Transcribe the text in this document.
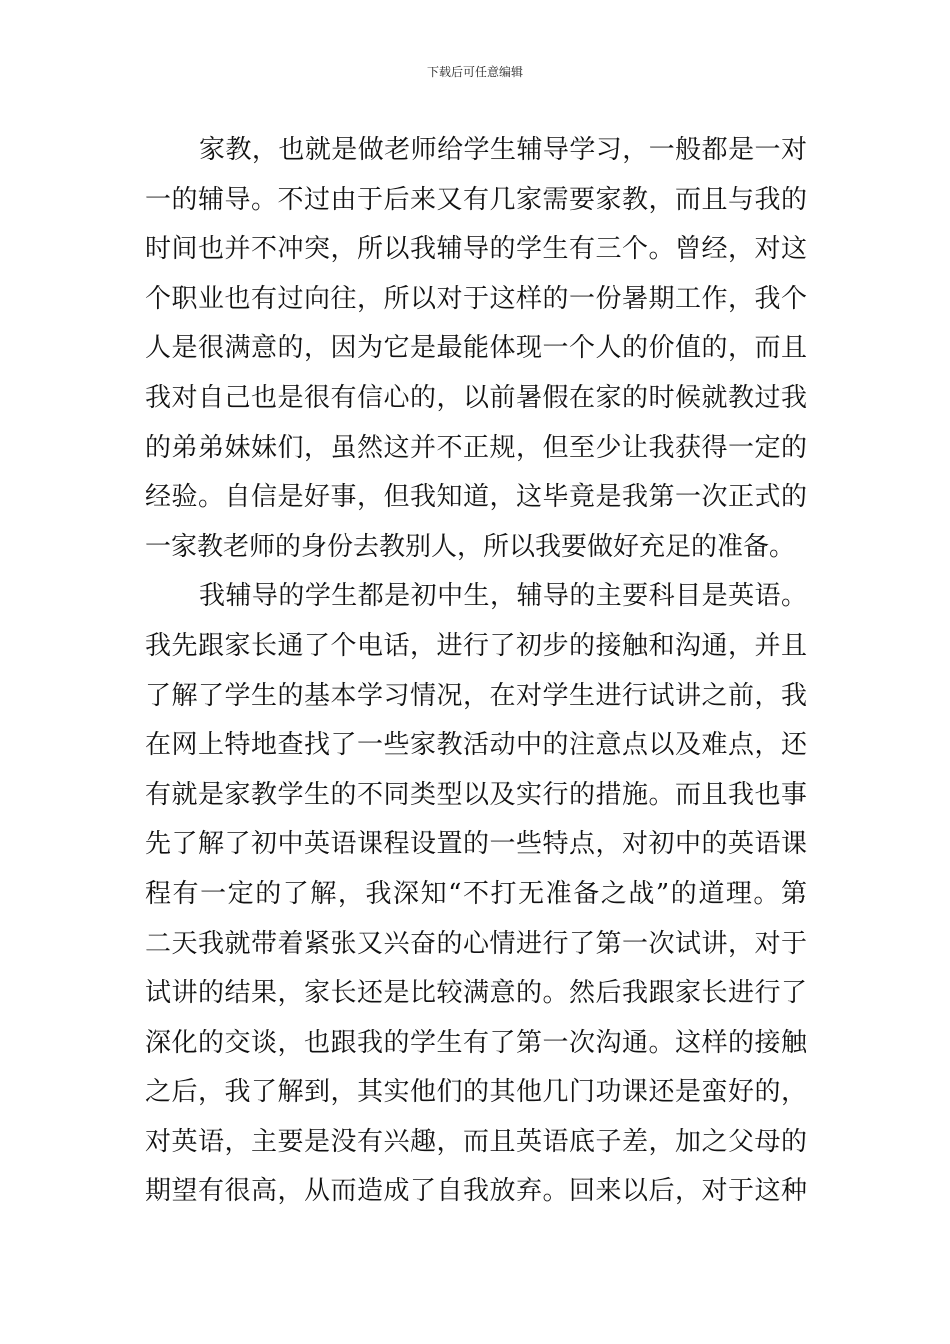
下载后可任意编辑
家教，也就是做老师给学生辅导学习，一般都是一对
一的辅导。不过由于后来又有几家需要家教，而且与我的
时间也并不冲突，所以我辅导的学生有三个。曾经，对这
个职业也有过向往，所以对于这样的一份暑期工作，我个
人是很满意的，因为它是最能体现一个人的价值的，而且
我对自己也是很有信心的，以前暑假在家的时候就教过我
的弟弟妹妹们，虽然这并不正规，但至少让我获得一定的
经验。自信是好事，但我知道，这毕竟是我第一次正式的
一家教老师的身份去教别人，所以我要做好充足的准备。
我辅导的学生都是初中生，辅导的主要科目是英语。
我先跟家长通了个电话，进行了初步的接触和沟通，并且
了解了学生的基本学习情况，在对学生进行试讲之前，我
在网上特地查找了一些家教活动中的注意点以及难点，还
有就是家教学生的不同类型以及实行的措施。而且我也事
先了解了初中英语课程设置的一些特点，对初中的英语课
程有一定的了解，我深知“不打无准备之战”的道理。第
二天我就带着紧张又兴奋的心情进行了第一次试讲，对于
试讲的结果，家长还是比较满意的。然后我跟家长进行了
深化的交谈，也跟我的学生有了第一次沟通。这样的接触
之后，我了解到，其实他们的其他几门功课还是蛮好的，
对英语，主要是没有兴趣，而且英语底子差，加之父母的
期望有很高，从而造成了自我放弃。回来以后，对于这种
